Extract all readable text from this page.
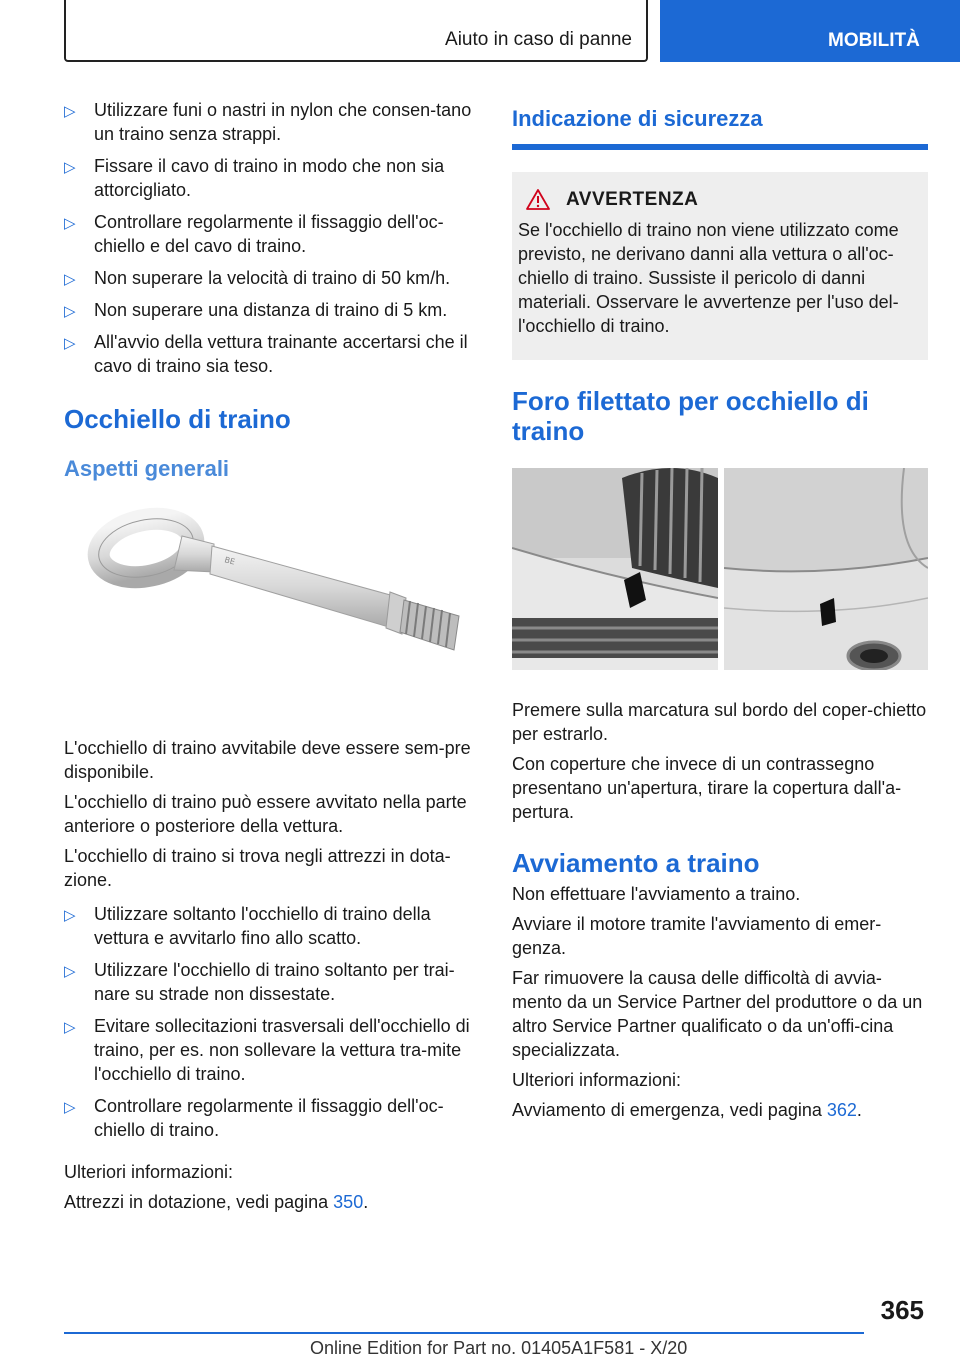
Aiuto in caso di panne	MOBILITÀ
▷ Utilizzare funi o nastri in nylon che consen-tano un traino senza strappi.
▷ Fissare il cavo di traino in modo che non sia attorcigliato.
▷ Controllare regolarmente il fissaggio dell'oc-chiello e del cavo di traino.
▷ Non superare la velocità di traino di 50 km/h.
▷ Non superare una distanza di traino di 5 km.
▷ All'avvio della vettura trainante accertarsi che il cavo di traino sia teso.
Occhiello di traino
Aspetti generali
BE

L'occhiello di traino avvitabile deve essere sem-pre disponibile.

L'occhiello di traino può essere avvitato nella parte anteriore o posteriore della vettura.

L'occhiello di traino si trova negli attrezzi in dota-zione.

▷ Utilizzare soltanto l'occhiello di traino della vettura e avvitarlo fino allo scatto.
▷ Utilizzare l'occhiello di traino soltanto per trai-nare su strade non dissestate.
▷ Evitare sollecitazioni trasversali dell'occhiello di traino, per es. non sollevare la vettura tra-mite l'occhiello di traino.
▷ Controllare regolarmente il fissaggio dell'oc-chiello di traino.

Ulteriori informazioni:

Attrezzi in dotazione, vedi pagina 350.

Indicazione di sicurezza
AVVERTENZA

Se l'occhiello di traino non viene utilizzato come previsto, ne derivano danni alla vettura o all'oc-chiello di traino. Sussiste il pericolo di danni materiali. Osservare le avvertenze per l'uso del-l'occhiello di traino.

Foro filettato per occhiello di traino

Premere sulla marcatura sul bordo del coper-chietto per estrarlo.

Con coperture che invece di un contrassegno presentano un'apertura, tirare la copertura dall'a-pertura.

Avviamento a traino

Non effettuare l'avviamento a traino.

Avviare il motore tramite l'avviamento di emer-genza.

Far rimuovere la causa delle difficoltà di avvia-mento da un Service Partner del produttore o da un altro Service Partner qualificato o da un'offi-cina specializzata.

Ulteriori informazioni:

Avviamento di emergenza, vedi pagina 362.

365
Online Edition for Part no. 01405A1F581 - X/20
